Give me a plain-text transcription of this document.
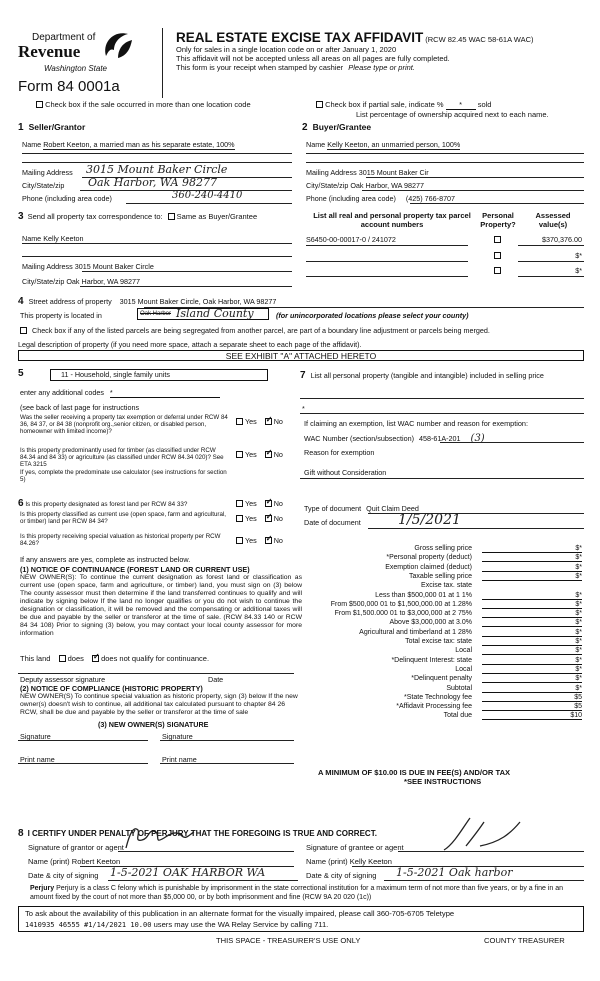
Department of
Revenue
Washington State
Form 84 0001a
REAL ESTATE EXCISE TAX AFFIDAVIT (RCW 82.45 WAC 58-61A WAC)
Only for sales in a single location code on or after January 1, 2020
This affidavit will not be accepted unless all areas on all pages are fully completed.
This form is your receipt when stamped by cashier Please type or print.
Check box if the sale occurred in more than one location code	Check box if partial sale, indicate % * sold
List percentage of ownership acquired next to each name.
1 Seller/Grantor
Name Robert Keeton, a married man as his separate estate, 100%
Mailing Address 3015 Mount Baker Circle
City/State/zip Oak Harbor, WA 98277
Phone (including area code)	360-240-4410
2 Buyer/Grantee
Name Kelly Keeton, an unmarried person, 100%
Mailing Address 3015 Mount Baker Cir
City/State/zip Oak Harbor, WA 98277
Phone (including area code) (425) 766-8707
3 Send all property tax correspondence to: Same as Buyer/Grantee
Name Kelly Keeton
Mailing Address 3015 Mount Baker Circle
City/State/zip Oak Harbor, WA 98277
List all real and personal property tax parcel account numbers
Personal Property?
Assessed value(s)
S6450-00-00017-0 / 241072	$370,376.00
$*
$*
4 Street address of property 3015 Mount Baker Circle, Oak Harbor, WA 98277
This property is located in	Oak Harbor Island County	(for unincorporated locations please select your county)
Check box if any of the listed parcels are being segregated from another parcel, are part of a boundary line adjustment or parcels being merged.
Legal description of property (if you need more space, attach a separate sheet to each page of the affidavit).
SEE EXHIBIT "A" ATTACHED HERETO
5	11 - Household, single family units
enter any additional codes *
(see back of last page for instructions
Was the seller receiving a property tax exemption or deferral under RCW 84 36, 84 37, or 84 38 (nonprofit org.,senior citizen, or disabled person, homeowner with limited income)?
Yes ✓ No
Is this property predominantly used for timber (as classified under RCW 84.34 and 84 33) or agriculture (as classified under RCW 84.34 020)? See ETA 3215
If yes, complete the predominate use calculator (see instructions for section 5)
Yes ✓ No
6 Is this property designated as forest land per RCW 84 33?	Yes ✓ No
Is this property classified as current use (open space, farm and agricultural, or timber) land per RCW 84 34?	Yes ✓ No
Is this property receiving special valuation as historical property per RCW 84.26?	Yes ✓ No
If any answers are yes, complete as instructed below.
(1) NOTICE OF CONTINUANCE (FOREST LAND OR CURRENT USE)
NEW OWNER(S): To continue the current designation as forest land or classification as current use (open space, farm and agriculture, or timber) land, you must sign on (3) below The county assessor must then determine if the land transferred continues to qualify and will indicate by signing below If the land no longer qualifies or you do not wish to continue the designation or classification, it will be removed and the compensating or additional taxes will be due and payable by the seller or transferor at the time of sale. (RCW 84.33 140 or RCW 84 34 108) Prior to signing (3) below, you may contact your local county assessor for more information
This land does ✓ does not qualify for continuance.
Deputy assessor signature	Date
(2) NOTICE OF COMPLIANCE (HISTORIC PROPERTY)
NEW OWNER(S) To continue special valuation as historic property, sign (3) below If the new owner(s) doesn't wish to continue, all additional tax calculated pursuant to chapter 84 26 RCW, shall be due and payable by the seller or transferor at the time of sale
(3) NEW OWNER(S) SIGNATURE
Signature	Signature
Print name	Print name
7 List all personal property (tangible and intangible) included in selling price
*
If claiming an exemption, list WAC number and reason for exemption:
WAC Number (section/subsection) 458-61A-201 (3)
Reason for exemption
Gift without Consideration
Type of document Quit Claim Deed
Date of document	1/5/2021
Gross selling price	$*
*Personal property (deduct)	$*
Exemption claimed (deduct)	$*
Taxable selling price	$*
Excise tax. state
Less than $500,000 01 at 1 1%	$*
From $500,000 01 to $1,500,000.00 at 1.28%	$*
From $1,500.000 01 to $3,000,000 at 2 75%	$*
Above $3,000,000 at 3.0%	$*
Agricultural and timberland at 1 28%	$*
Total excise tax: state	$*
Local	$*
*Delinquent Interest: state	$*
Local	$*
*Delinquent penalty	$*
Subtotal	$*
*State Technology fee	$5
*Affidavit Processing fee	$5
Total due	$10
A MINIMUM OF $10.00 IS DUE IN FEE(S) AND/OR TAX
*SEE INSTRUCTIONS
8 I CERTIFY UNDER PENALTY OF PERJURY THAT THE FOREGOING IS TRUE AND CORRECT.
Signature of grantor or agent
Name (print) Robert Keeton
Date & city of signing 1-5-2021 OAK HARBOR WA
Signature of grantee or agent
Name (print) Kelly Keeton
Date & city of signing 1-5-2021 Oak harbor
Perjury Perjury is a class C felony which is punishable by imprisonment in the state correctional institution for a maximum term of not more than five years, or by a fine in an amount fixed by the court of not more than $5,000 00, or by both imprisonment and fine (RCW 9A 20 020 (1c))
To ask about the availability of this publication in an alternate format for the visually impaired, please call 360-705-6705 Teletype
1410935 46555 #1/14/2021 10.00 users may use the WA Relay Service by calling 711.
THIS SPACE - TREASURER'S USE ONLY	COUNTY TREASURER
